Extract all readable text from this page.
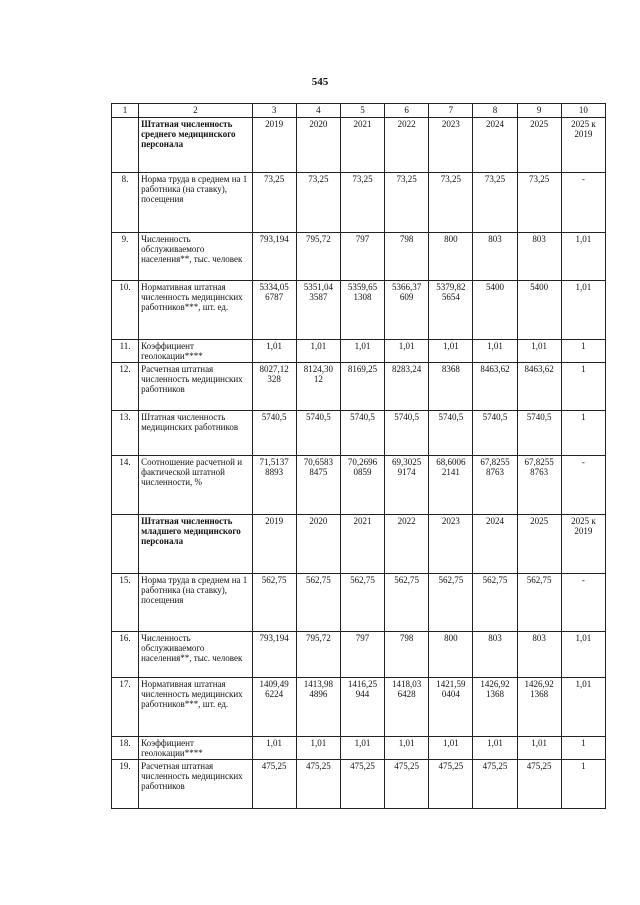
545
1	2	3	4	5	6	7	8	9	10
	Штатная численность среднего медицинского персонала	2019	2020	2021	2022	2023	2024	2025	2025 к 2019
8.	Норма труда в среднем на 1 работника (на ставку), посещения	73,25	73,25	73,25	73,25	73,25	73,25	73,25	-
9.	Численность обслуживаемого населения**, тыс. человек	793,194	795,72	797	798	800	803	803	1,01
10.	Нормативная штатная численность медицинских работников***, шт. ед.	5334,05 6787	5351,04 3587	5359,65 1308	5366,37 609	5379,82 5654	5400	5400	1,01
11.	Коэффициент геолокации****	1,01	1,01	1,01	1,01	1,01	1,01	1,01	1
12.	Расчетная штатная численность медицинских работников	8027,12 328	8124,30 12	8169,25	8283,24	8368	8463,62	8463,62	1
13.	Штатная численность медицинских работников	5740,5	5740,5	5740,5	5740,5	5740,5	5740,5	5740,5	1
14.	Соотношение расчетной и фактической штатной численности, %	71,5137 8893	70,6583 8475	70,2696 0859	69,3025 9174	68,6006 2141	67,8255 8763	67,8255 8763	-
	Штатная численность младшего медицинского персонала	2019	2020	2021	2022	2023	2024	2025	2025 к 2019
15.	Норма труда в среднем на 1 работника (на ставку), посещения	562,75	562,75	562,75	562,75	562,75	562,75	562,75	-
16.	Численность обслуживаемого населения**, тыс. человек	793,194	795,72	797	798	800	803	803	1,01
17.	Нормативная штатная численность медицинских работников***, шт. ед.	1409,49 6224	1413,98 4896	1416,25 944	1418,03 6428	1421,59 0404	1426,92 1368	1426,92 1368	1,01
18.	Коэффициент геолокации****	1,01	1,01	1,01	1,01	1,01	1,01	1,01	1
19.	Расчетная штатная численность медицинских работников	475,25	475,25	475,25	475,25	475,25	475,25	475,25	1
